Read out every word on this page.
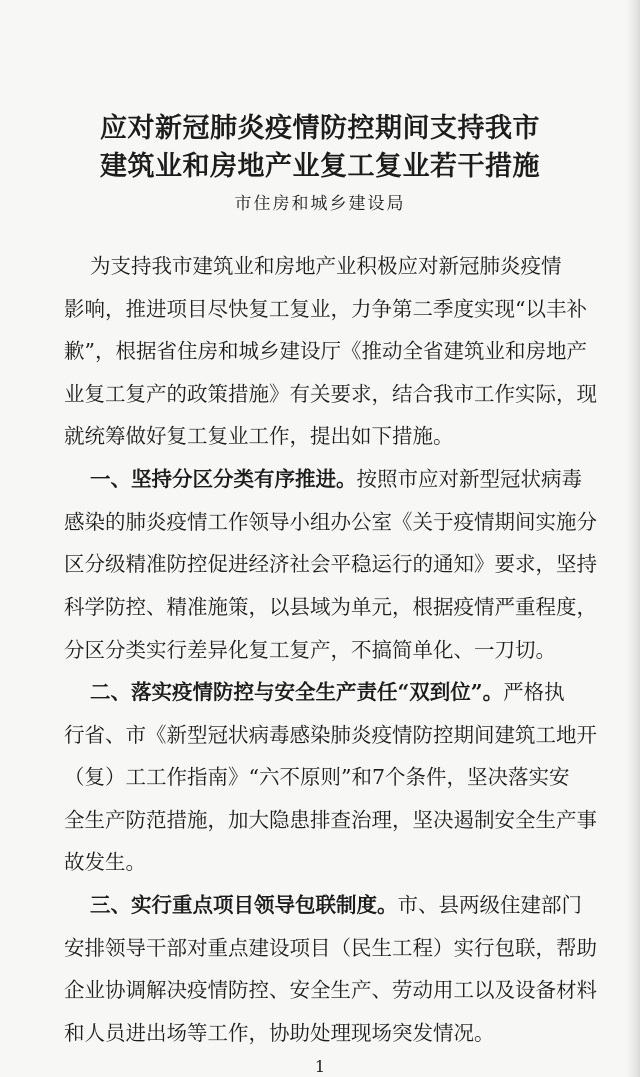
应对新冠肺炎疫情防控期间支持我市
建筑业和房地产业复工复业若干措施
市住房和城乡建设局
为支持我市建筑业和房地产业积极应对新冠肺炎疫情
影响，推进项目尽快复工复业，力争第二季度实现“以丰补
歉”，根据省住房和城乡建设厅《推动全省建筑业和房地产
业复工复产的政策措施》有关要求，结合我市工作实际，现
就统筹做好复工复业工作，提出如下措施。
一、坚持分区分类有序推进。按照市应对新型冠状病毒
感染的肺炎疫情工作领导小组办公室《关于疫情期间实施分
区分级精准防控促进经济社会平稳运行的通知》要求，坚持
科学防控、精准施策，以县域为单元，根据疫情严重程度，
分区分类实行差异化复工复产，不搞简单化、一刀切。
二、落实疫情防控与安全生产责任“双到位”。严格执
行省、市《新型冠状病毒感染肺炎疫情防控期间建筑工地开
（复）工工作指南》“六不原则”和7个条件，坚决落实安
全生产防范措施，加大隐患排查治理，坚决遏制安全生产事
故发生。
三、实行重点项目领导包联制度。市、县两级住建部门
安排领导干部对重点建设项目（民生工程）实行包联，帮助
企业协调解决疫情防控、安全生产、劳动用工以及设备材料
和人员进出场等工作，协助处理现场突发情况。
1
